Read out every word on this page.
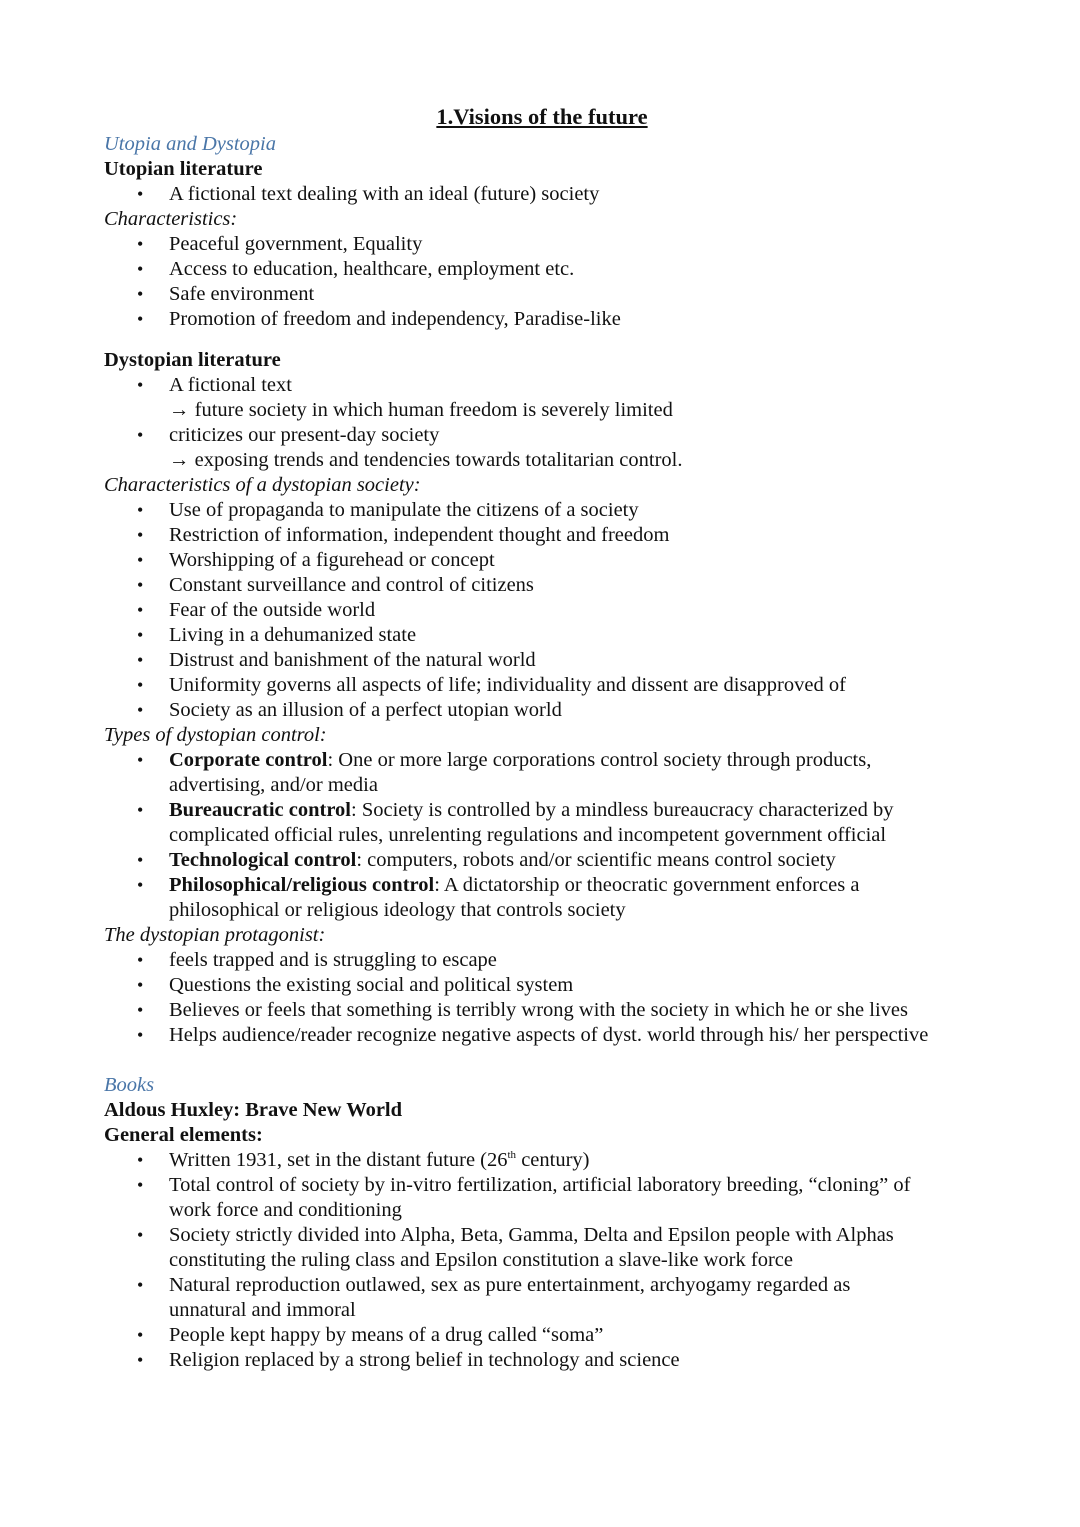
1.Visions of the future
Utopia and Dystopia
Utopian literature
• A fictional text dealing with an ideal (future) society
Characteristics:
• Peaceful government, Equality
• Access to education, healthcare, employment etc.
• Safe environment
• Promotion of freedom and independency, Paradise-like
Dystopian literature
• A fictional text
→ future society in which human freedom is severely limited
• criticizes our present-day society
→ exposing trends and tendencies towards totalitarian control.
Characteristics of a dystopian society:
• Use of propaganda to manipulate the citizens of a society
• Restriction of information, independent thought and freedom
• Worshipping of a figurehead or concept
• Constant surveillance and control of citizens
• Fear of the outside world
• Living in a dehumanized state
• Distrust and banishment of the natural world
• Uniformity governs all aspects of life; individuality and dissent are disapproved of
• Society as an illusion of a perfect utopian world
Types of dystopian control:
• Corporate control: One or more large corporations control society through products,
advertising, and/or media
• Bureaucratic control: Society is controlled by a mindless bureaucracy characterized by
complicated official rules, unrelenting regulations and incompetent government official
• Technological control: computers, robots and/or scientific means control society
• Philosophical/religious control: A dictatorship or theocratic government enforces a
philosophical or religious ideology that controls society
The dystopian protagonist:
• feels trapped and is struggling to escape
• Questions the existing social and political system
• Believes or feels that something is terribly wrong with the society in which he or she lives
• Helps audience/reader recognize negative aspects of dyst. world through his/ her perspective
Books
Aldous Huxley: Brave New World
General elements:
• Written 1931, set in the distant future (26th century)
• Total control of society by in-vitro fertilization, artificial laboratory breeding, “cloning” of
work force and conditioning
• Society strictly divided into Alpha, Beta, Gamma, Delta and Epsilon people with Alphas
constituting the ruling class and Epsilon constitution a slave-like work force
• Natural reproduction outlawed, sex as pure entertainment, archyogamy regarded as
unnatural and immoral
• People kept happy by means of a drug called “soma”
• Religion replaced by a strong belief in technology and science
